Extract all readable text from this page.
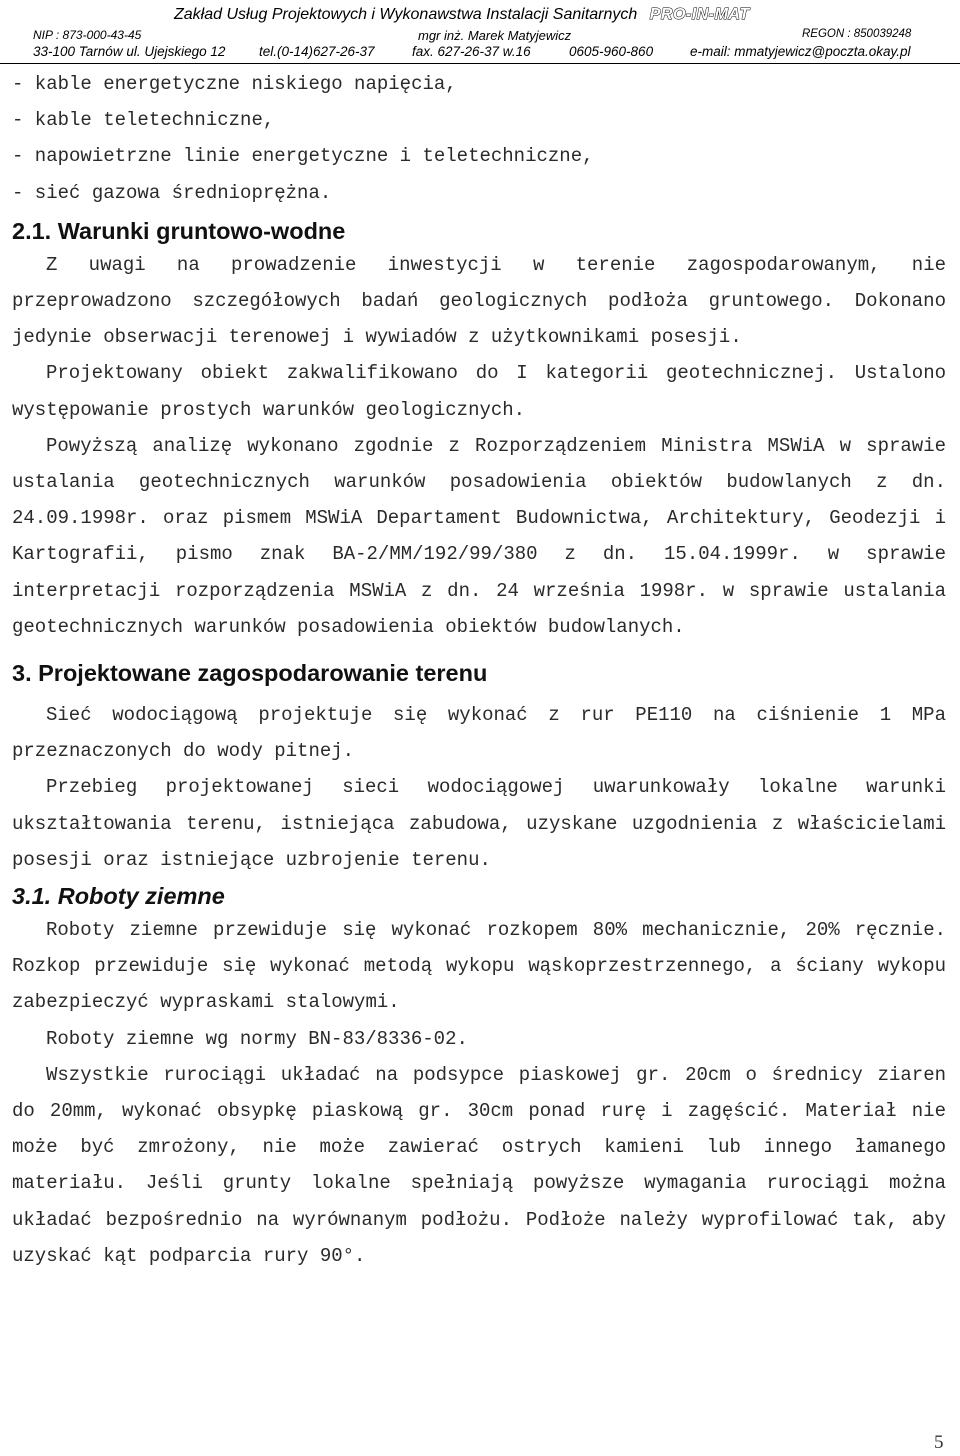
Zakład Usług Projektowych i Wykonawstwa Instalacji Sanitarnych PRO-IN-MAT
NIP : 873-000-43-45	mgr inż. Marek Matyjewicz	REGON : 850039248
33-100 Tarnów ul. Ujejskiego 12 tel.(0-14)627-26-37	fax. 627-26-37 w.16	0605-960-860	e-mail: mmatyjewicz@poczta.okay.pl
- kable energetyczne niskiego napięcia,
- kable teletechniczne,
- napowietrzne linie energetyczne i teletechniczne,
- sieć gazowa średnioprężna.
2.1. Warunki gruntowo-wodne

Z uwagi na prowadzenie inwestycji w terenie zagospodarowanym, nie przeprowadzono szczegółowych badań geologicznych podłoża gruntowego. Dokonano jedynie obserwacji terenowej i wywiadów z użytkownikami posesji.

Projektowany obiekt zakwalifikowano do I kategorii geotechnicznej. Ustalono występowanie prostych warunków geologicznych.

Powyższą analizę wykonano zgodnie z Rozporządzeniem Ministra MSWiA w sprawie ustalania geotechnicznych warunków posadowienia obiektów budowlanych z dn. 24.09.1998r. oraz pismem MSWiA Departament Budownictwa, Architektury, Geodezji i Kartografii, pismo znak BA-2/MM/192/99/380 z dn. 15.04.1999r. w sprawie interpretacji rozporządzenia MSWiA z dn. 24 września 1998r. w sprawie ustalania geotechnicznych warunków posadowienia obiektów budowlanych.

3. Projektowane zagospodarowanie terenu

Sieć wodociągową projektuje się wykonać z rur PE110 na ciśnienie 1 MPa przeznaczonych do wody pitnej.

Przebieg projektowanej sieci wodociągowej uwarunkowały lokalne warunki ukształtowania terenu, istniejąca zabudowa, uzyskane uzgodnienia z właścicielami posesji oraz istniejące uzbrojenie terenu.

3.1. Roboty ziemne

Roboty ziemne przewiduje się wykonać rozkopem 80% mechanicznie, 20% ręcznie. Rozkop przewiduje się wykonać metodą wykopu wąskoprzestrzennego, a ściany wykopu zabezpieczyć wypraskami stalowymi.

Roboty ziemne wg normy BN-83/8336-02.

Wszystkie rurociągi układać na podsypce piaskowej gr. 20cm o średnicy ziaren do 20mm, wykonać obsypkę piaskową gr. 30cm ponad rurę i zagęścić. Materiał nie może być zmrożony, nie może zawierać ostrych kamieni lub innego łamanego materiału. Jeśli grunty lokalne spełniają powyższe wymagania rurociągi można układać bezpośrednio na wyrównanym podłożu. Podłoże należy wyprofilować tak, aby uzyskać kąt podparcia rury 90°.

5
